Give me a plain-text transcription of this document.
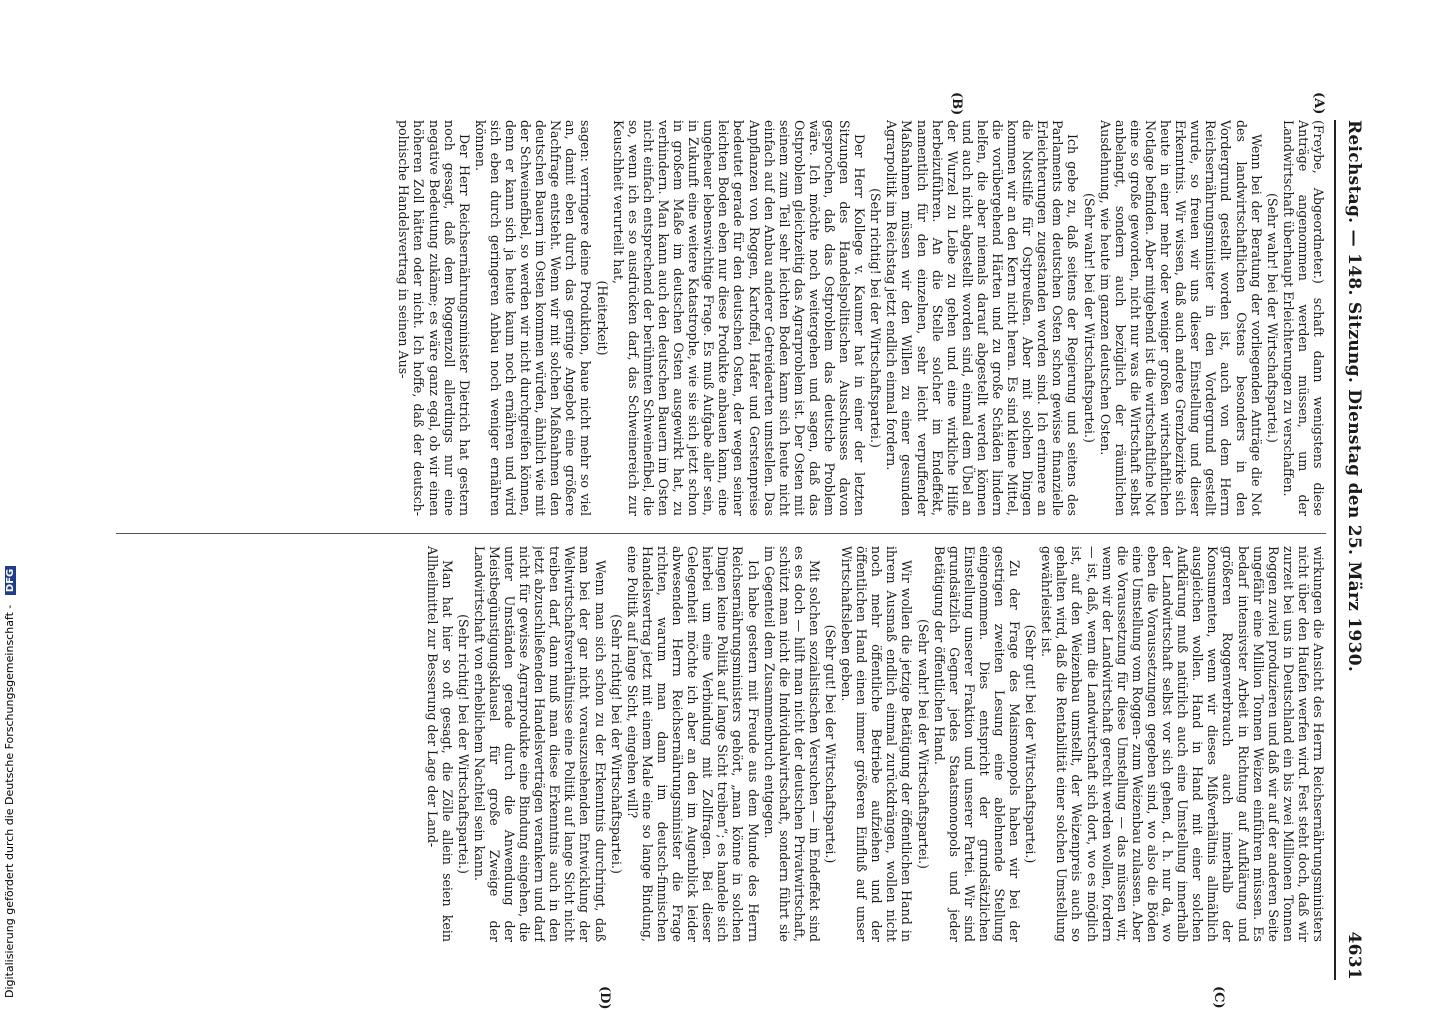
Reichstag. — 148. Sitzung. Dienstag den 25. März 1930.
4631
(A)
(B)
(C)
(D)

(Freybe, Abgeordneter.) schaft dann wenigstens diese Anträge angenommen werden müssen, um der Landwirtschaft überhaupt Erleichterungen zu verschaffen.

(Sehr wahr! bei der Wirtschaftspartei.)

Wenn bei der Beratung der vorliegenden Anträge die Not des landwirtschaftlichen Ostens besonders in den Vordergrund gestellt worden ist, auch von dem Herrn Reichsernährungsminister in den Vordergrund gestellt wurde, so freuen wir uns dieser Einstellung und dieser Erkenntnis. Wir wissen, daß auch andere Grenzbezirke sich heute in einer mehr oder weniger großen wirtschaftlichen Notlage befinden. Aber mitgebend ist die wirtschaftliche Not eine so große geworden, nicht nur was die Wirtschaft selbst anbelangt, sondern auch bezüglich der räumlichen Ausdehnung, wie heute im ganzen deutschen Osten.

(Sehr wahr! bei der Wirtschaftspartei.)

Ich gebe zu, daß seitens der Regierung und seitens des Parlaments dem deutschen Osten schon gewisse finanzielle Erleichterungen zugestanden worden sind. Ich erinnere an die Notstilfe für Ostpreußen. Aber mit solchen Dingen kommen wir an den Kern nicht heran. Es sind kleine Mittel, die vorübergehend Härten und zu große Schäden lindern helfen, die aber niemals darauf abgestellt werden können und auch nicht abgestellt worden sind, einmal dem Übel an der Wurzel zu Leibe zu gehen und eine wirkliche Hilfe herbeizuführen. An die Stelle solcher im Endeffekt, namentlich für den einzelnen, sehr leicht verpuffender Maßnahmen müssen wir den Willen zu einer gesunden Agrarpolitik im Reichstag jetzt endlich einmal fordern.

(Sehr richtig! bei der Wirtschaftspartei.)

Der Herr Kollege v. Kaumer hat in einer der letzten Sitzungen des Handelspolitischen Ausschusses davon gesprochen, daß das Ostproblem das deutsche Problem wäre. Ich möchte noch weitergehen und sagen, daß das Ostproblem gleichzeitig das Agrarproblem ist. Der Osten mit seinem zum Teil sehr leichten Boden kann sich heute nicht einfach auf den Anbau anderer Getreidearten umstellen. Das Anpflanzen von Roggen, Kartoffel, Hafer und Gerstenpreise bedeutet gerade für den deutschen Osten, der wegen seiner leichten Boden eben nur diese Produkte anbauen kann, eine ungeheuer lebenswichtige Frage. Es muß Aufgabe aller sein, in Zukunft eine weitere Katastrophe, wie sie sich jetzt schon in großem Maße im deutschen Osten ausgewirkt hat, zu verhindern. Man kann auch den deutschen Bauern im Osten nicht einfach entsprechend der berühmten Schweinefibel, die so, wenn ich es so ausdrücken darf, das Schweinereich zur Keuschheit verurteilt hat,

(Heiterkeit)

sagen: verringere deine Produktion, baue nicht mehr so viel an, damit eben durch das geringe Angebot eine größere Nachfrage entsteht. Wenn wir mit solchen Maßnahmen den deutschen Bauern im Osten kommen würden, ähnlich wie mit der Schweinefibel, so werden wir nicht durchgreifen können, denn er kann sich ja heute kaum noch ernähren und wird sich eben durch geringeren Anbau noch weniger ernähren können.

Der Herr Reichsernährungsminister Dietrich hat gestern noch gesagt, daß dem Roggenzoll allerdings nur eine negative Bedeutung zukäme; es wäre ganz egal, ob wir einen höheren Zoll hätten oder nicht. Ich hoffe, daß der deutsch-polnische Handelsvertrag in seinen Aus-

wirkungen die Ansicht des Herrn Reichsernährungsministers nicht über den Haufen werfen wird. Fest steht doch, daß wir zurzeit bei uns in Deutschland ein bis zwei Millionen Tonnen Roggen zuviel produzieren und daß wir auf der anderen Seite ungefähr eine Million Tonnen Weizen einführen müssen. Es bedarf intensivster Arbeit in Richtung auf Aufklärung und größeren Roggenverbrauch auch innerhalb der Konsumenten, wenn wir dieses Mißverhältnis allmählich ausgleichen wollen. Hand in Hand mit einer solchen Aufklärung muß natürlich auch eine Umstellung innerhalb der Landwirtschaft selbst vor sich gehen, d. h. nur da, wo eben die Voraussetzungen gegeben sind, wo also die Böden eine Umstellung vom Roggen- zum Weizenbau zulassen. Aber die Voraussetzung für diese Umstellung — das müssen wir, wenn wir der Landwirtschaft gerecht werden wollen, fordern — ist, daß, wenn die Landwirtschaft sich dort, wo es möglich ist, auf den Weizenbau umstellt, der Weizenpreis auch so gehalten wird, daß die Rentabilität einer solchen Umstellung gewährleistet ist.

(Sehr gut! bei der Wirtschaftspartei.)

Zu der Frage des Maismonopols haben wir bei der gestrigen zweiten Lesung eine ablehnende Stellung eingenommen. Dies entspricht der grundsätzlichen Einstellung unserer Fraktion und unserer Partei. Wir sind grundsätzlich Gegner jedes Staatsmonopols und jeder Betätigung der öffentlichen Hand.

(Sehr wahr! bei der Wirtschaftspartei.)

Wir wollen die jetzige Betätigung der öffentlichen Hand in ihrem Ausmaß endlich einmal zurückdrängen, wollen nicht noch mehr öffentliche Betriebe aufziehen und der öffentlichen Hand einen immer größeren Einfluß auf unser Wirtschaftsleben geben.

(Sehr gut! bei der Wirtschaftspartei.)

Mit solchen sozialistischen Versuchen — im Endeffekt sind es es doch — hilft man nicht der deutschen Privatwirtschaft, schützt man nicht die Individualwirtschaft, sondern führt sie im Gegenteil dem Zusammenbruch entgegen.

Ich habe gestern mit Freude aus dem Munde des Herrn Reichsernährungsministers gehört, „man könne in solchen Dingen keine Politik auf lange Sicht treiben“; es handele sich hierbei um eine Verbindung mit Zollfragen. Bei dieser Gelegenheit möchte ich aber an den im Augenblick leider abwesenden Herrn Reichsernährungsminister die Frage richten, warum man dann im deutsch-finnischen Handelsvertrag jetzt mit einem Male eine so lange Bindung, eine Politik auf lange Sicht, eingehen will?

(Sehr richtig! bei der Wirtschaftspartei.)

Wenn man sich schon zu der Erkenntnis durchringt, daß man bei der gar nicht vorauszusehenden Entwicklung der Weltwirtschaftsverhältnisse eine Politik auf lange Sicht nicht treiben darf, dann muß man diese Erkenntnis auch in den jetzt abzuschließenden Handelsverträgen verankern und darf nicht für gewisse Agrarprodukte eine Bindung eingehen, die unter Umständen gerade durch die Anwendung der Meistbegünstigungsklausel für große Zweige der Landwirtschaft von erheblichem Nachteil sein kann.

(Sehr richtig! bei der Wirtschaftspartei.)

Man hat hier so oft gesagt, die Zölle allein seien kein Allheilmittel zur Besserung der Lage der Land-

Digitalisierung gefördert durch die Deutsche Forschungsgemeinschaft - DFG
